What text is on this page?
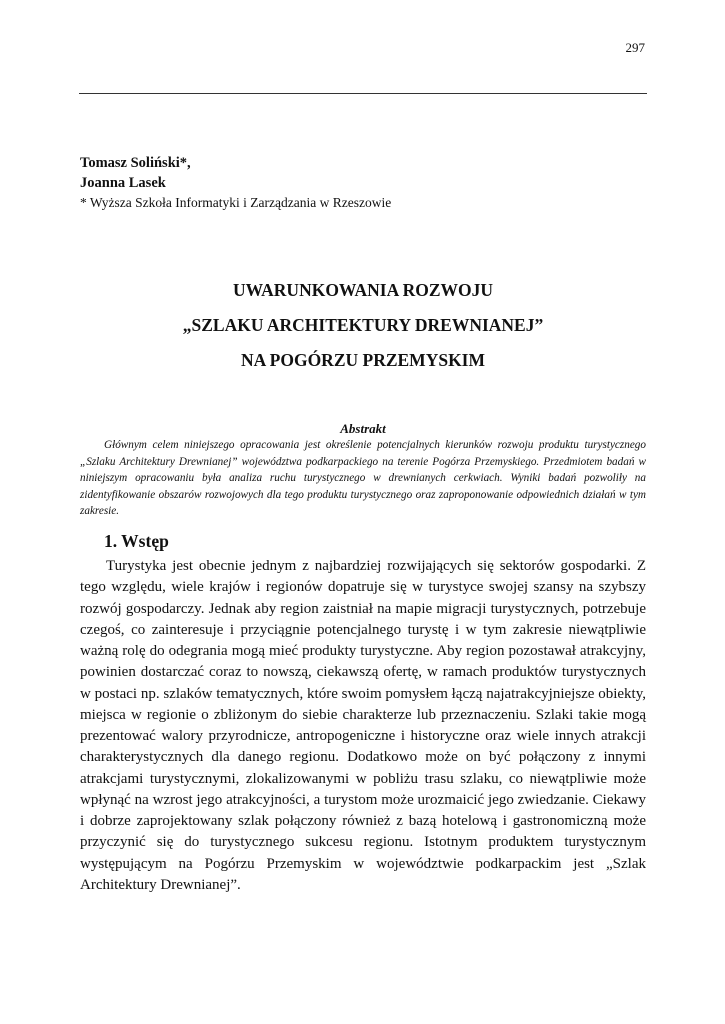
297
Tomasz Soliński*,
Joanna Lasek
* Wyższa Szkoła Informatyki i Zarządzania w Rzeszowie
UWARUNKOWANIA ROZWOJU
„SZLAKU ARCHITEKTURY DREWNIANEJ”
NA POGÓRZU PRZEMYSKIM
Abstrakt

Głównym celem niniejszego opracowania jest określenie potencjalnych kierunków rozwoju produktu turystycznego „Szlaku Architektury Drewnianej” województwa podkarpackiego na terenie Pogórza Przemyskiego. Przedmiotem badań w niniejszym opracowaniu była analiza ruchu turystycznego w drewnianych cerkwiach. Wyniki badań pozwoliły na zidentyfikowanie obszarów rozwojowych dla tego produktu turystycznego oraz zaproponowanie odpowiednich działań w tym zakresie.

1. Wstęp

Turystyka jest obecnie jednym z najbardziej rozwijających się sektorów gospodarki. Z tego względu, wiele krajów i regionów dopatruje się w turystyce swojej szansy na szybszy rozwój gospodarczy. Jednak aby region zaistniał na mapie migracji turystycznych, potrzebuje czegoś, co zainteresuje i przyciągnie potencjalnego turystę i w tym zakresie niewątpliwie ważną rolę do odegrania mogą mieć produkty turystyczne. Aby region pozostawał atrakcyjny, powinien dostarczać coraz to nowszą, ciekawszą ofertę, w ramach produktów turystycznych w postaci np. szlaków tematycznych, które swoim pomysłem łączą najatrakcyjniejsze obiekty, miejsca w regionie o zbliżonym do siebie charakterze lub przeznaczeniu. Szlaki takie mogą prezentować walory przyrodnicze, antropogeniczne i historyczne oraz wiele innych atrakcji charakterystycznych dla danego regionu. Dodatkowo może on być połączony z innymi atrakcjami turystycznymi, zlokalizowanymi w pobliżu trasu szlaku, co niewątpliwie może wpłynąć na wzrost jego atrakcyjności, a turystom może urozmaicić jego zwiedzanie. Ciekawy i dobrze zaprojektowany szlak połączony również z bazą hotelową i gastronomiczną może przyczynić się do turystycznego sukcesu regionu. Istotnym produktem turystycznym występującym na Pogórzu Przemyskim w województwie podkarpackim jest „Szlak Architektury Drewnianej”.
